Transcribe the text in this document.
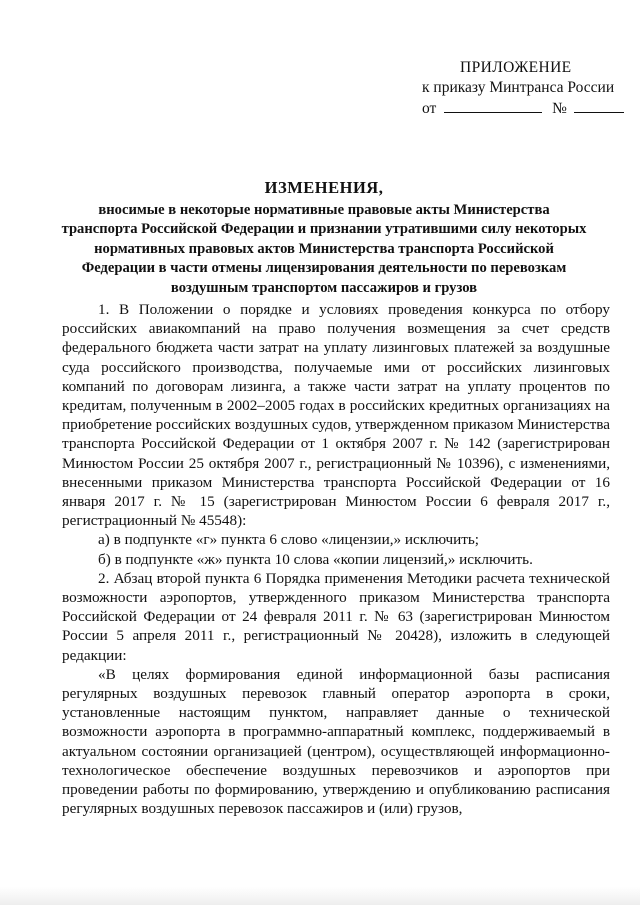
ПРИЛОЖЕНИЕ
к приказу Минтранса России
от	№
ИЗМЕНЕНИЯ,
вносимые в некоторые нормативные правовые акты Министерства транспорта Российской Федерации и признании утратившими силу некоторых нормативных правовых актов Министерства транспорта Российской Федерации в части отмены лицензирования деятельности по перевозкам воздушным транспортом пассажиров и грузов

1. В Положении о порядке и условиях проведения конкурса по отбору российских авиакомпаний на право получения возмещения за счет средств федерального бюджета части затрат на уплату лизинговых платежей за воздушные суда российского производства, получаемые ими от российских лизинговых компаний по договорам лизинга, а также части затрат на уплату процентов по кредитам, полученным в 2002–2005 годах в российских кредитных организациях на приобретение российских воздушных судов, утвержденном приказом Министерства транспорта Российской Федерации от 1 октября 2007 г. № 142 (зарегистрирован Минюстом России 25 октября 2007 г., регистрационный № 10396), с изменениями, внесенными приказом Министерства транспорта Российской Федерации от 16 января 2017 г. № 15 (зарегистрирован Минюстом России 6 февраля 2017 г., регистрационный № 45548):

а) в подпункте «г» пункта 6 слово «лицензии,» исключить;

б) в подпункте «ж» пункта 10 слова «копии лицензий,» исключить.

2. Абзац второй пункта 6 Порядка применения Методики расчета технической возможности аэропортов, утвержденного приказом Министерства транспорта Российской Федерации от 24 февраля 2011 г. № 63 (зарегистрирован Минюстом России 5 апреля 2011 г., регистрационный № 20428), изложить в следующей редакции:

«В целях формирования единой информационной базы расписания регулярных воздушных перевозок главный оператор аэропорта в сроки, установленные настоящим пунктом, направляет данные о технической возможности аэропорта в программно-аппаратный комплекс, поддерживаемый в актуальном состоянии организацией (центром), осуществляющей информационно-технологическое обеспечение воздушных перевозчиков и аэропортов при проведении работы по формированию, утверждению и опубликованию расписания регулярных воздушных перевозок пассажиров и (или) грузов,
